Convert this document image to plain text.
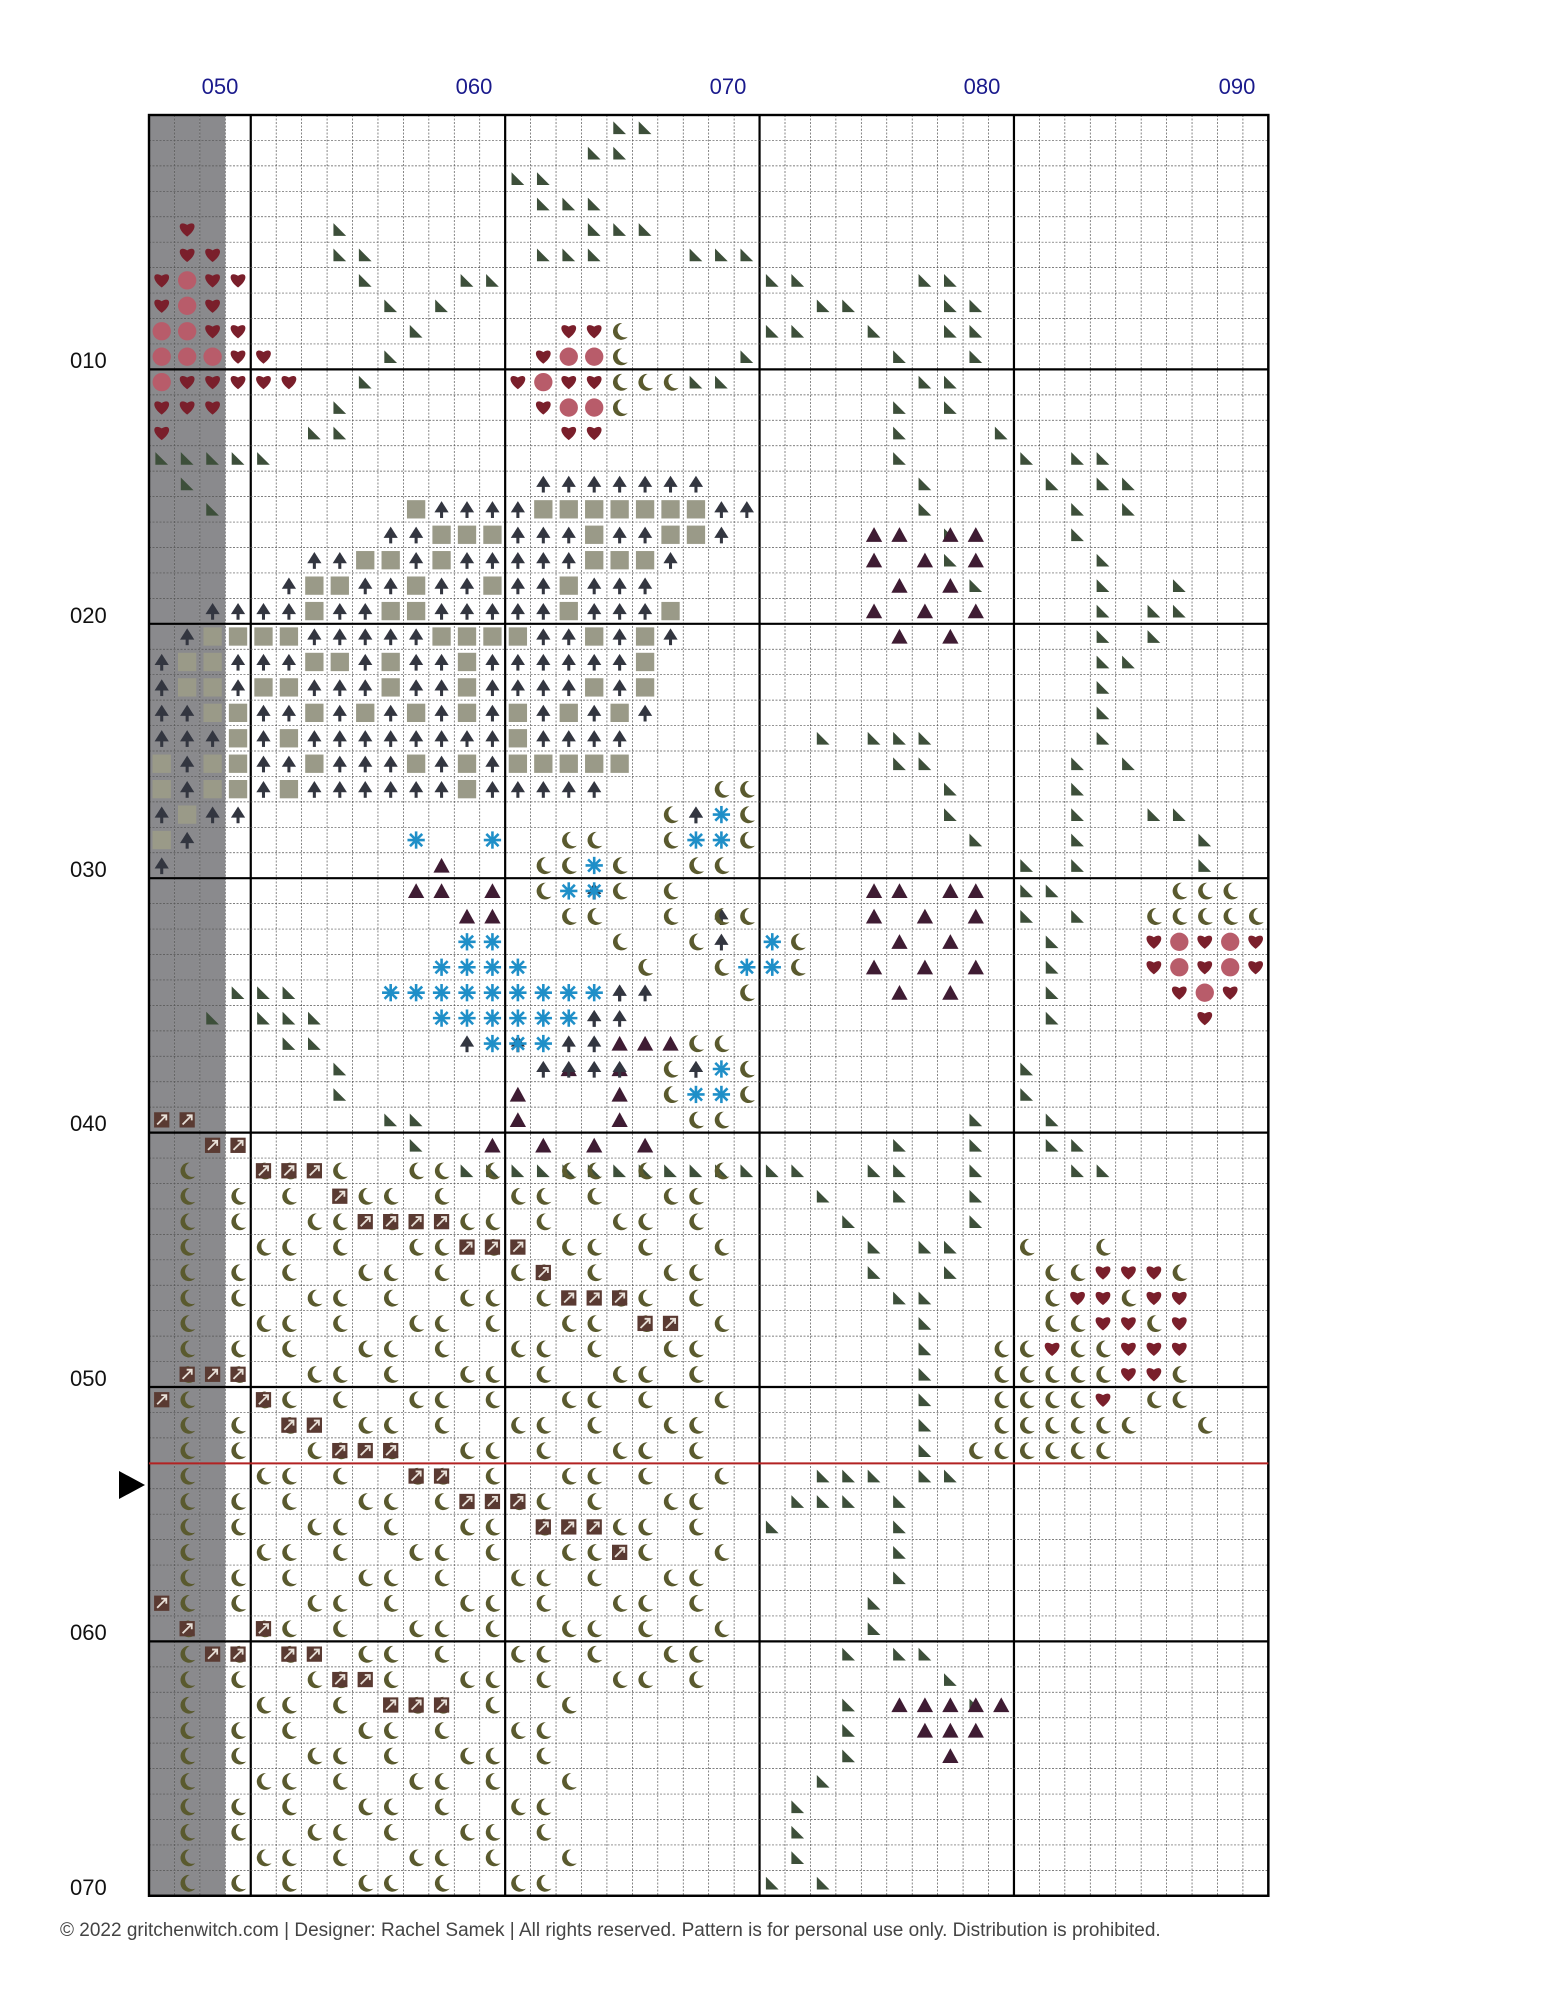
050	060	070	080	090
010
020
030
040
050
060
070
© 2022 gritchenwitch.com | Designer: Rachel Samek | All rights reserved. Pattern is for personal use only. Distribution is prohibited.
